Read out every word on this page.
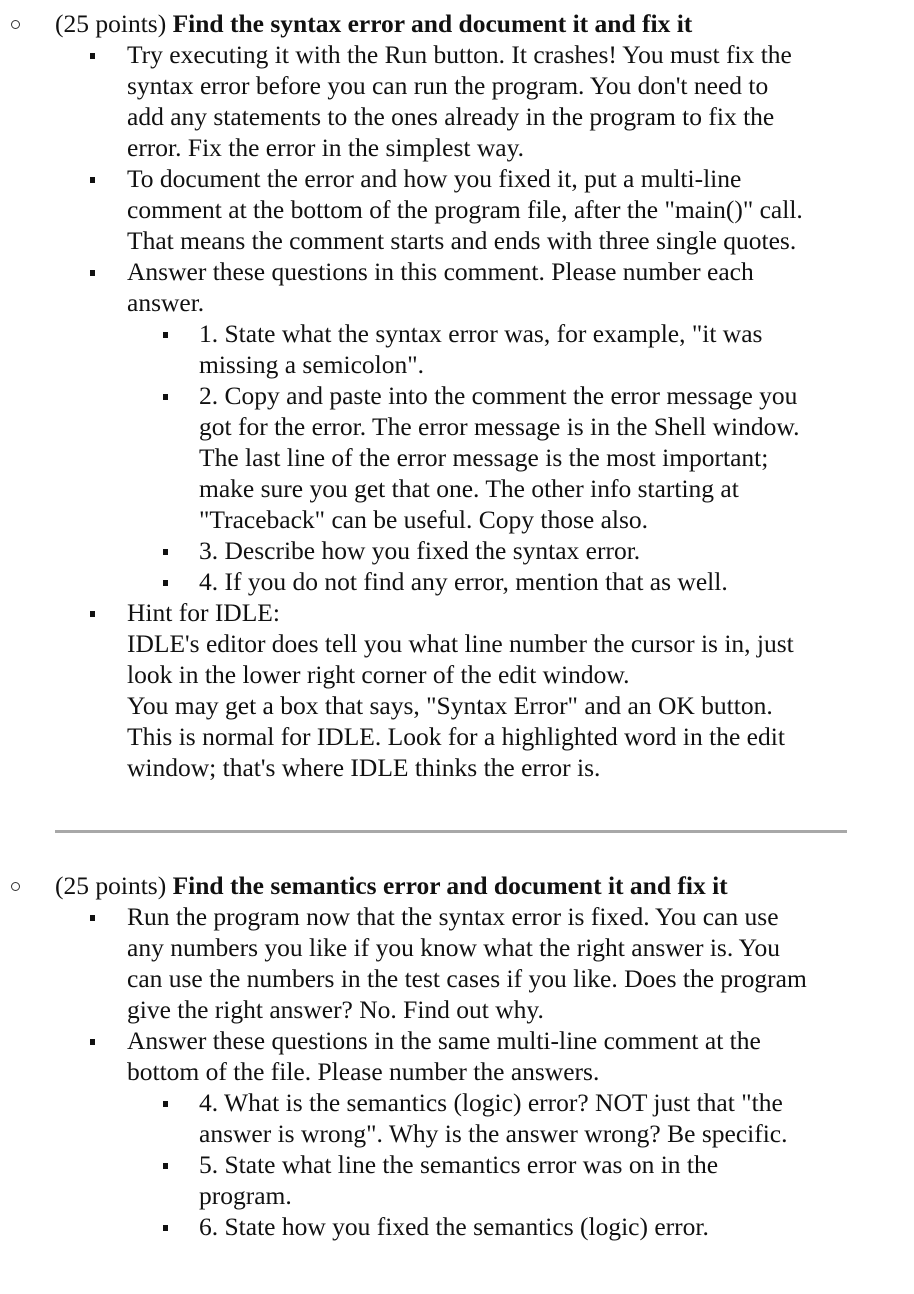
(25 points) Find the syntax error and document it and fix it
Try executing it with the Run button. It crashes! You must fix the
syntax error before you can run the program. You don't need to
add any statements to the ones already in the program to fix the
error. Fix the error in the simplest way.
To document the error and how you fixed it, put a multi-line
comment at the bottom of the program file, after the "main()" call.
That means the comment starts and ends with three single quotes.
Answer these questions in this comment. Please number each
answer.
1. State what the syntax error was, for example, "it was
missing a semicolon".
2. Copy and paste into the comment the error message you
got for the error. The error message is in the Shell window.
The last line of the error message is the most important;
make sure you get that one. The other info starting at
"Traceback" can be useful. Copy those also.
3. Describe how you fixed the syntax error.
4. If you do not find any error, mention that as well.
Hint for IDLE:
IDLE's editor does tell you what line number the cursor is in, just
look in the lower right corner of the edit window.
You may get a box that says, "Syntax Error" and an OK button.
This is normal for IDLE. Look for a highlighted word in the edit
window; that's where IDLE thinks the error is.
(25 points) Find the semantics error and document it and fix it
Run the program now that the syntax error is fixed. You can use
any numbers you like if you know what the right answer is. You
can use the numbers in the test cases if you like. Does the program
give the right answer? No. Find out why.
Answer these questions in the same multi-line comment at the
bottom of the file. Please number the answers.
4. What is the semantics (logic) error? NOT just that "the
answer is wrong". Why is the answer wrong? Be specific.
5. State what line the semantics error was on in the
program.
6. State how you fixed the semantics (logic) error.
